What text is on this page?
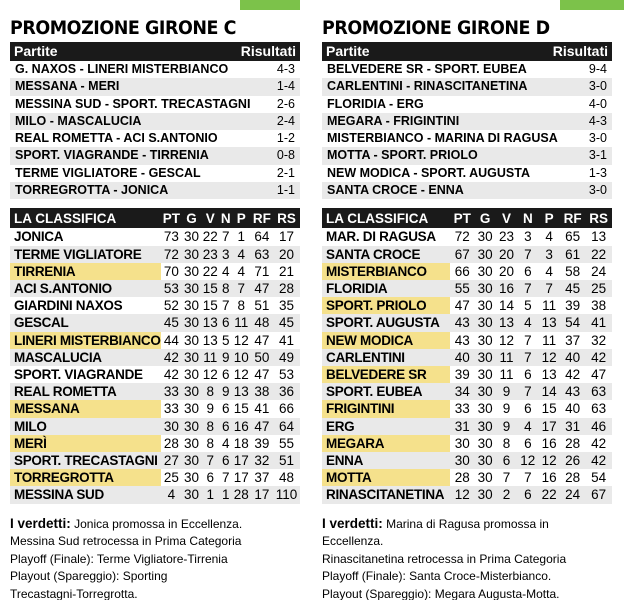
PROMOZIONE GIRONE C
Partite	Risultati
G. NAXOS - LINERI MISTERBIANCO	4-3
MESSANA - MERI	1-4
MESSINA SUD - SPORT. TRECASTAGNI 2-6
MILO - MASCALUCIA	2-4
REAL ROMETTA - ACI S.ANTONIO	1-2
SPORT. VIAGRANDE - TIRRENIA	0-8
TERME VIGLIATORE - GESCAL	2-1
TORREGROTTA - JONICA	1-1
LA CLASSIFICA	PT	G	V	N	P	RF	RS
JONICA	73	30	22	7	1	64	17
TERME VIGLIATORE	72	30	23	3	4	63	20
TIRRENIA	70	30	22	4	4	71	21
ACI S.ANTONIO	53	30	15	8	7	47	28
GIARDINI NAXOS	52	30	15	7	8	51	35
GESCAL	45	30	13	6	11	48	45
LINERI MISTERBIANCO	44	30	13	5	12	47	41
MASCALUCIA	42	30	11	9	10	50	49
SPORT. VIAGRANDE	42	30	12	6	12	47	53
REAL ROMETTA	33	30	8	9	13	38	36
MESSANA	33	30	9	6	15	41	66
MILO	30	30	8	6	16	47	64
MERÌ	28	30	8	4	18	39	55
SPORT. TRECASTAGNI	27	30	7	6	17	32	51
TORREGROTTA	25	30	6	7	17	37	48
MESSINA SUD	4	30	1	1	28	17	110
I verdetti: Jonica promossa in Eccellenza.
Messina Sud retrocessa in Prima Categoria
Playoff (Finale): Terme Vigliatore-Tirrenia
Playout (Spareggio): Sporting
Trecastagni-Torregrotta.
PROMOZIONE GIRONE D
Partite	Risultati
BELVEDERE SR - SPORT. EUBEA	9-4
CARLENTINI - RINASCITANETINA	3-0
FLORIDIA - ERG	4-0
MEGARA - FRIGINTINI	4-3
MISTERBIANCO - MARINA DI RAGUSA 3-0
MOTTA - SPORT. PRIOLO	3-1
NEW MODICA - SPORT. AUGUSTA	1-3
SANTA CROCE - ENNA	3-0
LA CLASSIFICA	PT	G	V	N	P	RF	RS
MAR. DI RAGUSA	72	30	23	3	4	65	13
SANTA CROCE	67	30	20	7	3	61	22
MISTERBIANCO	66	30	20	6	4	58	24
FLORIDIA	55	30	16	7	7	45	25
SPORT. PRIOLO	47	30	14	5	11	39	38
SPORT. AUGUSTA	43	30	13	4	13	54	41
NEW MODICA	43	30	12	7	11	37	32
CARLENTINI	40	30	11	7	12	40	42
BELVEDERE SR	39	30	11	6	13	42	47
SPORT. EUBEA	34	30	9	7	14	43	63
FRIGINTINI	33	30	9	6	15	40	63
ERG	31	30	9	4	17	31	46
MEGARA	30	30	8	6	16	28	42
ENNA	30	30	6	12	12	26	42
MOTTA	28	30	7	7	16	28	54
RINASCITANETINA	12	30	2	6	22	24	67
I verdetti: Marina di Ragusa promossa in
Eccellenza.
Rinascitanetina retrocessa in Prima Categoria
Playoff (Finale): Santa Croce-Misterbianco.
Playout (Spareggio): Megara Augusta-Motta.
